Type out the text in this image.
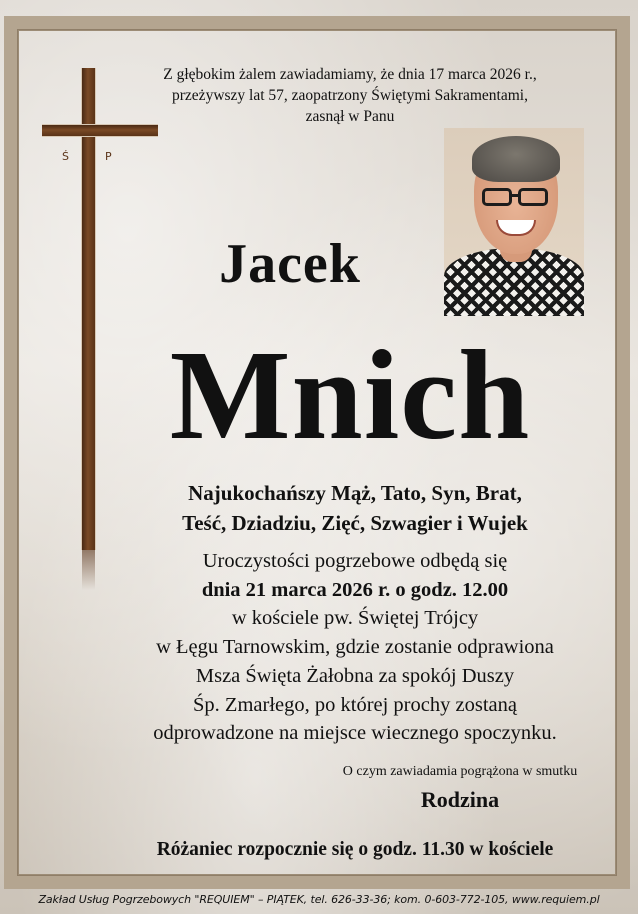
Ś	P
Z głębokim żalem zawiadamiamy, że dnia 17 marca 2026 r.,
przeżywszy lat 57, zaopatrzony Świętymi Sakramentami,
zasnął w Panu
Jacek
Mnich
Najukochańszy Mąż, Tato, Syn, Brat,
Teść, Dziadziu, Zięć, Szwagier i Wujek
Uroczystości pogrzebowe odbędą się
dnia 21 marca 2026 r. o godz. 12.00
w kościele pw. Świętej Trójcy
w Łęgu Tarnowskim, gdzie zostanie odprawiona
Msza Święta Żałobna za spokój Duszy
Śp. Zmarłego, po której prochy zostaną
odprowadzone na miejsce wiecznego spoczynku.
O czym zawiadamia pogrążona w smutku
Rodzina
Różaniec rozpocznie się o godz. 11.30 w kościele
Zakład Usług Pogrzebowych "REQUIEM" – PIĄTEK, tel. 626-33-36; kom. 0-603-772-105, www.requiem.pl
